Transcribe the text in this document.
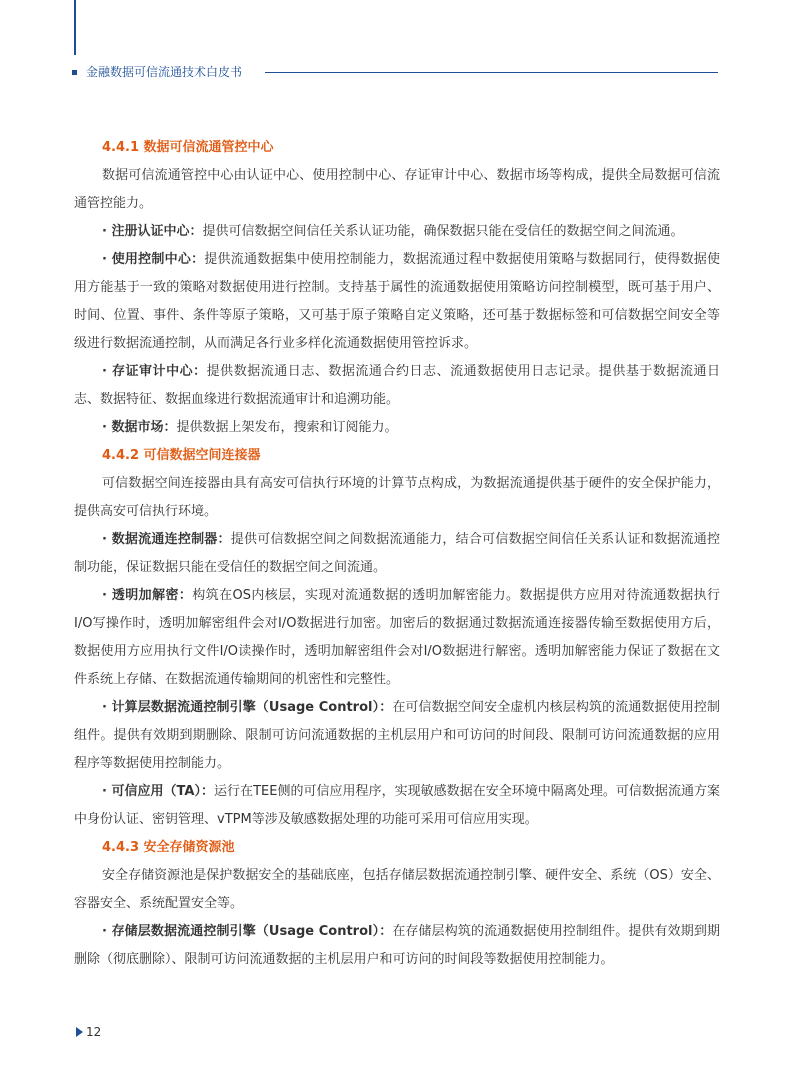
金融数据可信流通技术白皮书

4.4.1 数据可信流通管控中心

数据可信流通管控中心由认证中心、使用控制中心、存证审计中心、数据市场等构成，提供全局数据可信流通管控能力。

· 注册认证中心：提供可信数据空间信任关系认证功能，确保数据只能在受信任的数据空间之间流通。

· 使用控制中心：提供流通数据集中使用控制能力，数据流通过程中数据使用策略与数据同行，使得数据使用方能基于一致的策略对数据使用进行控制。支持基于属性的流通数据使用策略访问控制模型，既可基于用户、时间、位置、事件、条件等原子策略，又可基于原子策略自定义策略，还可基于数据标签和可信数据空间安全等级进行数据流通控制，从而满足各行业多样化流通数据使用管控诉求。

· 存证审计中心：提供数据流通日志、数据流通合约日志、流通数据使用日志记录。提供基于数据流通日志、数据特征、数据血缘进行数据流通审计和追溯功能。

· 数据市场：提供数据上架发布，搜索和订阅能力。

4.4.2 可信数据空间连接器

可信数据空间连接器由具有高安可信执行环境的计算节点构成，为数据流通提供基于硬件的安全保护能力，提供高安可信执行环境。

· 数据流通连控制器：提供可信数据空间之间数据流通能力，结合可信数据空间信任关系认证和数据流通控制功能，保证数据只能在受信任的数据空间之间流通。

· 透明加解密：构筑在OS内核层，实现对流通数据的透明加解密能力。数据提供方应用对待流通数据执行I/O写操作时，透明加解密组件会对I/O数据进行加密。加密后的数据通过数据流通连接器传输至数据使用方后，数据使用方应用执行文件I/O读操作时，透明加解密组件会对I/O数据进行解密。透明加解密能力保证了数据在文件系统上存储、在数据流通传输期间的机密性和完整性。

· 计算层数据流通控制引擎（Usage Control）：在可信数据空间安全虚机内核层构筑的流通数据使用控制组件。提供有效期到期删除、限制可访问流通数据的主机层用户和可访问的时间段、限制可访问流通数据的应用程序等数据使用控制能力。

· 可信应用（TA）：运行在TEE侧的可信应用程序，实现敏感数据在安全环境中隔离处理。可信数据流通方案中身份认证、密钥管理、vTPM等涉及敏感数据处理的功能可采用可信应用实现。

4.4.3 安全存储资源池

安全存储资源池是保护数据安全的基础底座，包括存储层数据流通控制引擎、硬件安全、系统（OS）安全、容器安全、系统配置安全等。

· 存储层数据流通控制引擎（Usage Control）：在存储层构筑的流通数据使用控制组件。提供有效期到期删除（彻底删除）、限制可访问流通数据的主机层用户和可访问的时间段等数据使用控制能力。

12
